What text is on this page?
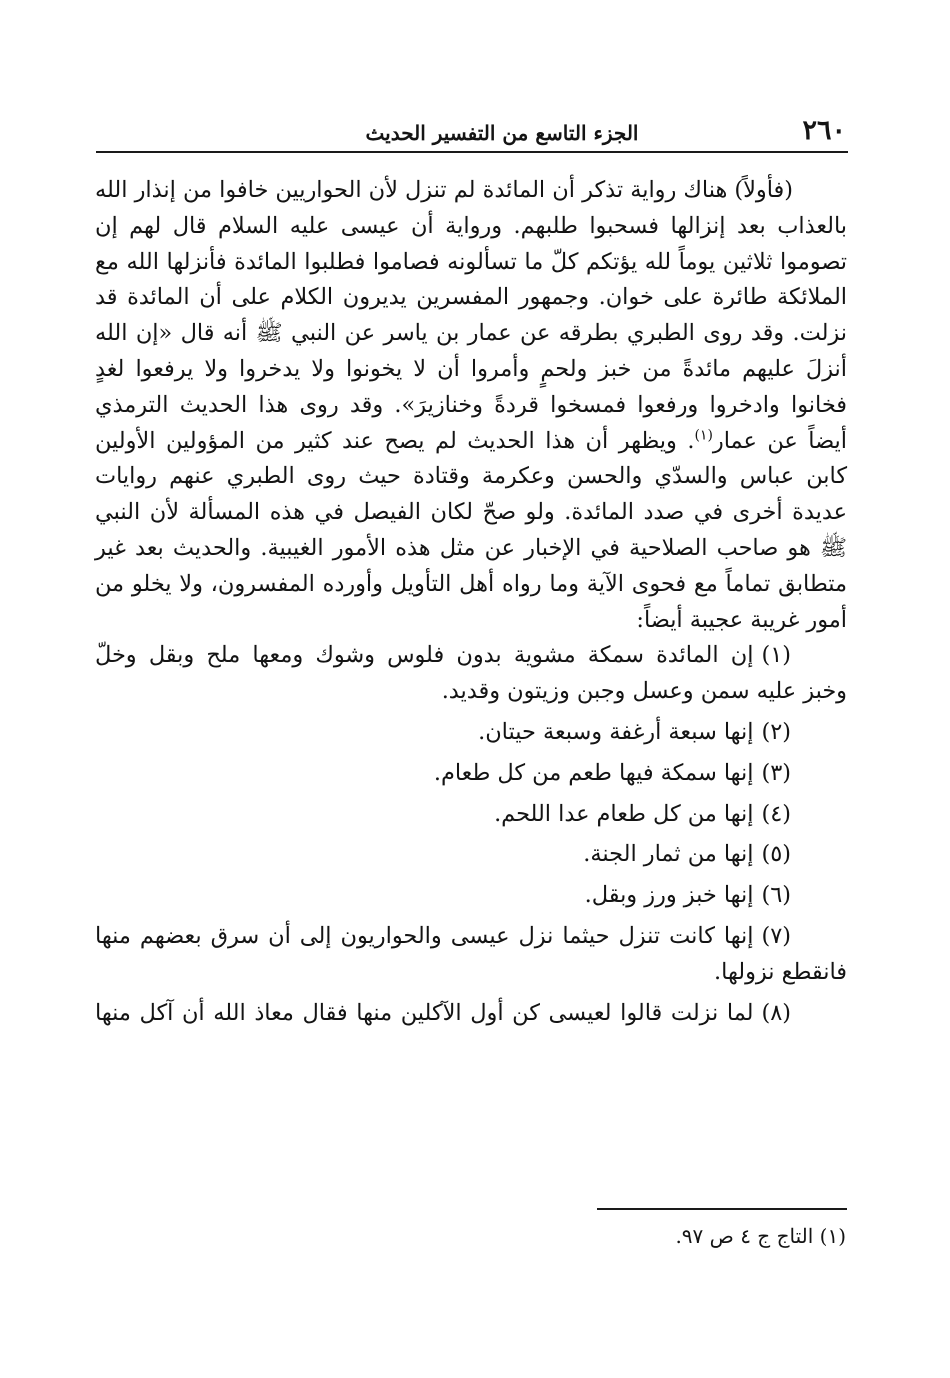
٢٦٠
الجزء التاسع من التفسير الحديث

(فأولاً) هناك رواية تذكر أن المائدة لم تنزل لأن الحواريين خافوا من إنذار الله بالعذاب بعد إنزالها فسحبوا طلبهم. ورواية أن عيسى عليه السلام قال لهم إن تصوموا ثلاثين يوماً لله يؤتكم كلّ ما تسألونه فصاموا فطلبوا المائدة فأنزلها الله مع الملائكة طائرة على خوان. وجمهور المفسرين يديرون الكلام على أن المائدة قد نزلت. وقد روى الطبري بطرقه عن عمار بن ياسر عن النبي ﷺ أنه قال «إن الله أنزلَ عليهم مائدةً من خبز ولحمٍ وأمروا أن لا يخونوا ولا يدخروا ولا يرفعوا لغدٍ فخانوا وادخروا ورفعوا فمسخوا قردةً وخنازيرَ». وقد روى هذا الحديث الترمذي أيضاً عن عمار$^{(١)}$. ويظهر أن هذا الحديث لم يصح عند كثير من المؤولين الأولين كابن عباس والسدّي والحسن وعكرمة وقتادة حيث روى الطبري عنهم روايات عديدة أخرى في صدد المائدة. ولو صحّ لكان الفيصل في هذه المسألة لأن النبي ﷺ هو صاحب الصلاحية في الإخبار عن مثل هذه الأمور الغيبية. والحديث بعد غير متطابق تماماً مع فحوى الآية وما رواه أهل التأويل وأورده المفسرون، ولا يخلو من أمور غريبة عجيبة أيضاً:

(١)إن المائدة سمكة مشوية بدون فلوس وشوك ومعها ملح وبقل وخلّ
وخبز عليه سمن وعسل وجبن وزيتون وقديد.
(٢)إنها سبعة أرغفة وسبعة حيتان.
(٣)إنها سمكة فيها طعم من كل طعام.
(٤)إنها من كل طعام عدا اللحم.
(٥)إنها من ثمار الجنة.
(٦)إنها خبز ورز وبقل.
(٧)إنها كانت تنزل حيثما نزل عيسى والحواريون إلى أن سرق بعضهم منها
فانقطع نزولها.
(٨)لما نزلت قالوا لعيسى كن أول الآكلين منها فقال معاذ الله أن آكل منها
(١) التاج ج ٤ ص ٩٧.
